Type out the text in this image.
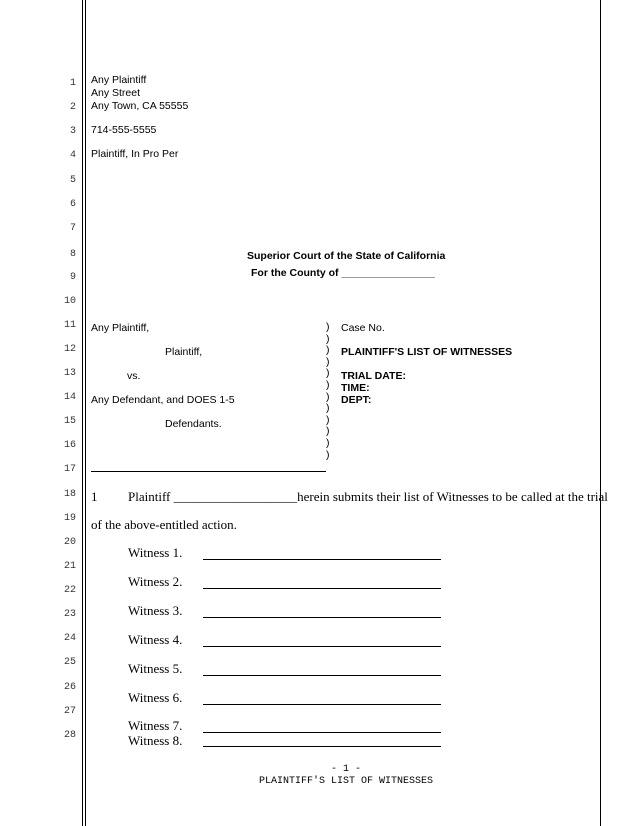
1
2
3
4
5
6
7
8
9
10
11
12
13
14
15
16
17
18
19
20
21
22
23
24
25
26
27
28
Any Plaintiff
Any Street
Any Town, CA 55555
714-555-5555
Plaintiff, In Pro Per
Superior Court of the State of California
For the County of ________________
Any Plaintiff,
Plaintiff,
vs.
Any Defendant, and DOES 1-5
Defendants.
)
)
)
)
)
)
)
)
)
)
)
)
Case No.
PLAINTIFF'S LIST OF WITNESSES
TRIAL DATE:
TIME:
DEPT:
1 Plaintiff ___________________herein submits their list of Witnesses to be called at the trial
of the above-entitled action.
Witness 1.
Witness 2.
Witness 3.
Witness 4.
Witness 5.
Witness 6.
Witness 7.
Witness 8.
- 1 -
PLAINTIFF'S LIST OF WITNESSES
